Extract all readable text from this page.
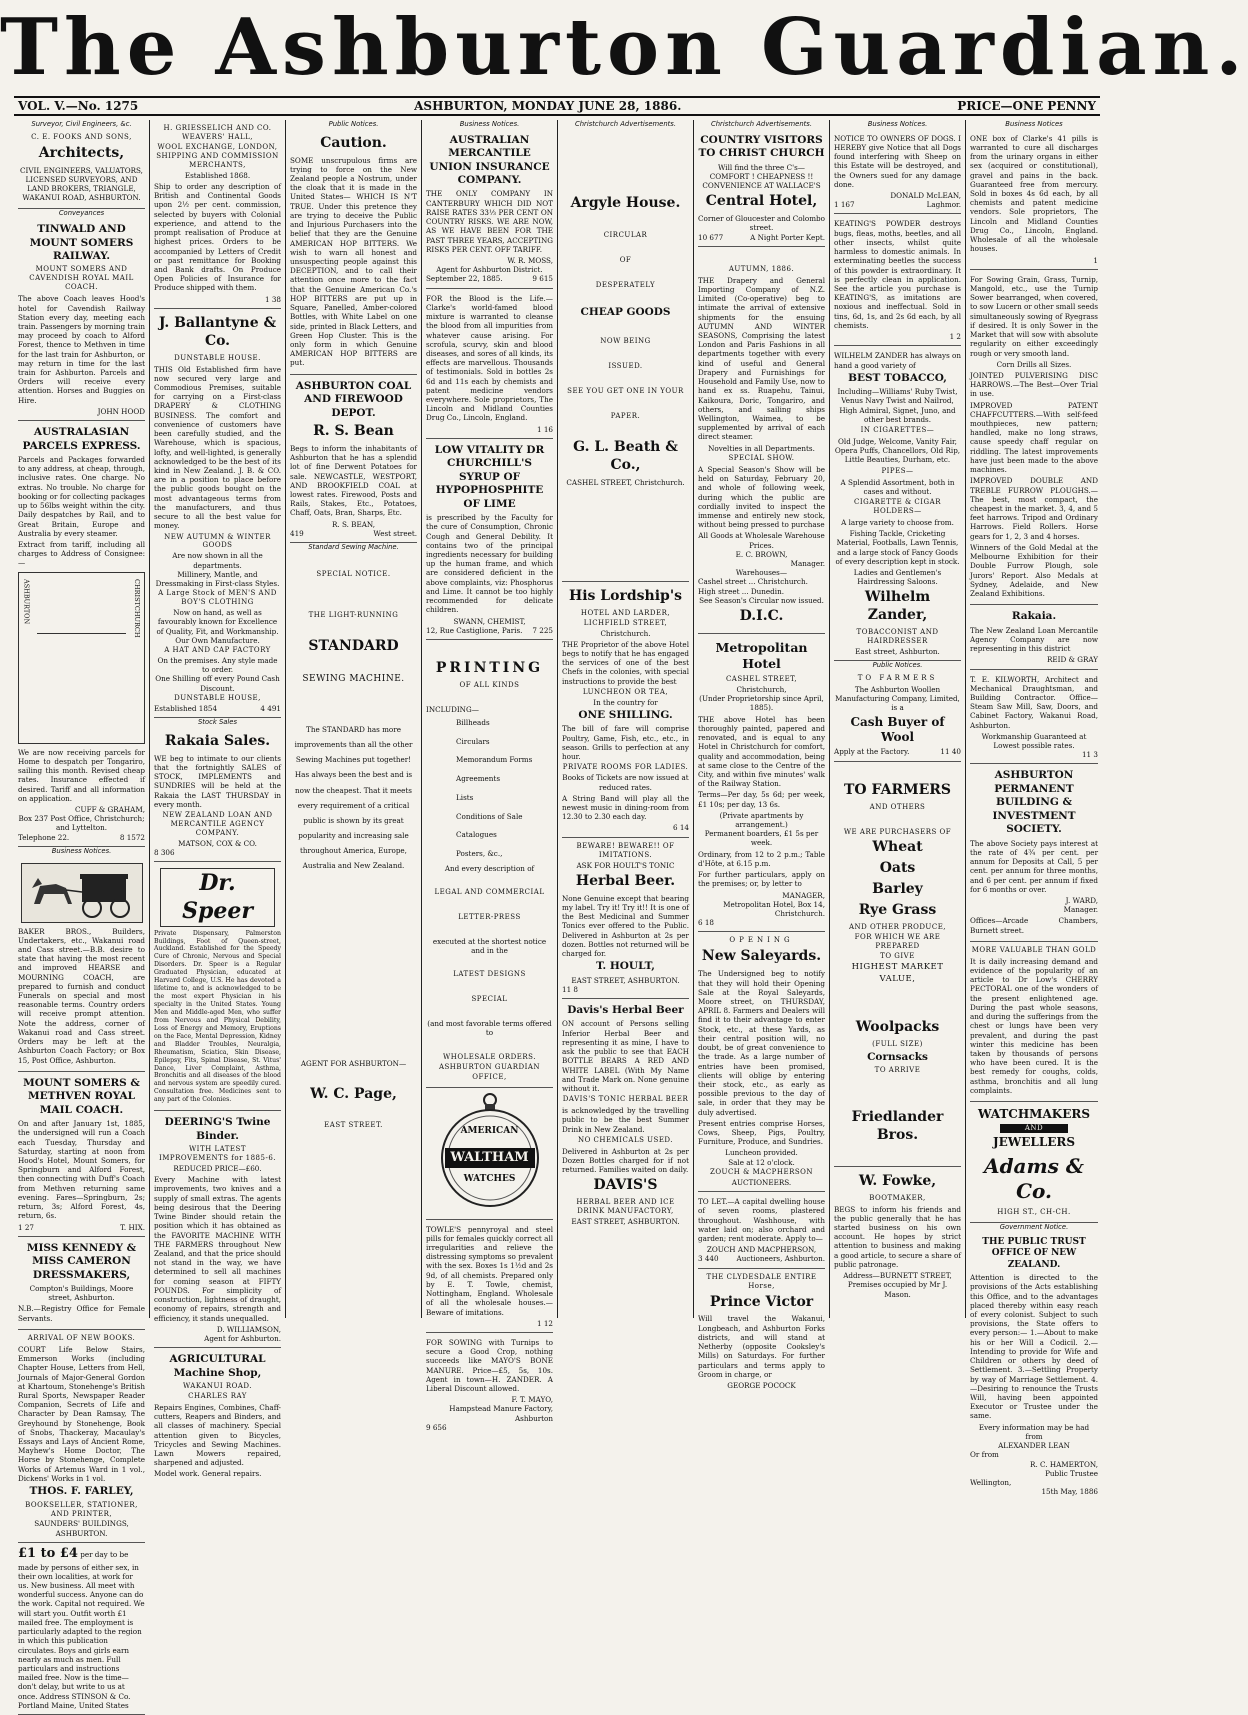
The Ashburton Guardian.
VOL. V.—No. 1275	ASHBURTON, MONDAY JUNE 28, 1886.	PRICE—ONE PENNY
Surveyor, Civil Engineers, &c.
C. E. FOOKS AND SONS,
Architects,
CIVIL ENGINEERS, VALUATORS, LICENSED SURVEYORS, AND LAND BROKERS, TRIANGLE, WAKANUI ROAD, ASHBURTON.
Conveyances
TINWALD AND MOUNT SOMERS RAILWAY.
MOUNT SOMERS AND CAVENDISH ROYAL MAIL COACH.
The above Coach leaves Hood's hotel for Cavendish Railway Station every day, meeting each train. Passengers by morning train may proceed by coach to Alford Forest, thence to Methven in time for the last train for Ashburton, or may return in time for the last train for Ashburton. Parcels and Orders will receive every attention. Horses and Buggies on Hire.
JOHN HOOD
AUSTRALASIAN PARCELS EXPRESS.
Parcels and Packages forwarded to any address, at cheap, through, inclusive rates. One charge. No extras. No trouble. No charge for booking or for collecting packages up to 56lbs weight within the city. Daily despatches by Rail, and to Great Britain, Europe and Australia by every steamer.
Extract from tariff, including all charges to Address of Consignee:—
ASHBURTON	CHRISTCHURCH
We are now receiving parcels for Home to despatch per Tongariro, sailing this month. Revised cheap rates. Insurance effected if desired. Tariff and all information on application.
CUFF & GRAHAM,
Box 237 Post Office, Christchurch; and Lyttelton.
Telephone 22.	8 1572
Business Notices.
BAKER BROS., Builders, Undertakers, etc., Wakanui road and Cass street.—B.B. desire to state that having the most recent and improved HEARSE and MOURNING COACH, are prepared to furnish and conduct Funerals on special and most reasonable terms. Country orders will receive prompt attention. Note the address, corner of Wakanui road and Cass street. Orders may be left at the Ashburton Coach Factory; or Box 15, Post Office, Ashburton.
MOUNT SOMERS & METHVEN ROYAL MAIL COACH.
On and after January 1st, 1885, the undersigned will run a Coach each Tuesday, Thursday and Saturday, starting at noon from Hood's Hotel, Mount Somers, for Springburn and Alford Forest, then connecting with Duff's Coach from Methven returning same evening. Fares—Springburn, 2s; return, 3s; Alford Forest, 4s, return, 6s.
1 27	T. HIX.
MISS KENNEDY & MISS CAMERON DRESSMAKERS,
Compton's Buildings, Moore street, Ashburton.
N.B.—Registry Office for Female Servants.
ARRIVAL OF NEW BOOKS.
COURT Life Below Stairs, Emmerson Works (including Chapter House, Letters from Hell, Journals of Major-General Gordon at Khartoum, Stonehenge's British Rural Sports, Newspaper Reader Companion, Secrets of Life and Character by Dean Ramsay, The Greyhound by Stonehenge, Book of Snobs, Thackeray, Macaulay's Essays and Lays of Ancient Rome, Mayhew's Home Doctor, The Horse by Stonehenge, Complete Works of Artemus Ward in 1 vol., Dickens' Works in 1 vol.
THOS. F. FARLEY,
BOOKSELLER, STATIONER, AND PRINTER,
SAUNDERS' BUILDINGS, ASHBURTON.
£1 to £4 per day to be made by persons of either sex, in their own localities, at work for us. New business. All meet with wonderful success. Anyone can do the work. Capital not required. We will start you. Outfit worth £1 mailed free. The employment is particularly adapted to the region in which this publication circulates. Boys and girls earn nearly as much as men. Full particulars and instructions mailed free. Now is the time—don't delay, but write to us at once. Address STINSON & Co. Portland Maine, United States
H. GRIESSELICH AND CO. WEAVERS' HALL,
WOOL EXCHANGE, LONDON, SHIPPING AND COMMISSION MERCHANTS,
Established 1868.
Ship to order any description of British and Continental Goods upon 2½ per cent. commission, selected by buyers with Colonial experience, and attend to the prompt realisation of Produce at highest prices. Orders to be accompanied by Letters of Credit or past remittance for Booking and Bank drafts. On Produce Open Policies of Insurance for Produce shipped with them.
1 38
J. Ballantyne & Co.
DUNSTABLE HOUSE.
THIS Old Established firm have now secured very large and Commodious Premises, suitable for carrying on a First-class DRAPERY & CLOTHING BUSINESS. The comfort and convenience of customers have been carefully studied, and the Warehouse, which is spacious, lofty, and well-lighted, is generally acknowledged to be the best of its kind in New Zealand. J. B. & CO. are in a position to place before the public goods bought on the most advantageous terms from the manufacturers, and thus secure to all the best value for money.
NEW AUTUMN & WINTER GOODS
Are now shown in all the departments.
Millinery, Mantle, and Dressmaking in First-class Styles.
A Large Stock of MEN'S AND BOY'S CLOTHING
Now on hand, as well as favourably known for Excellence of Quality, Fit, and Workmanship. Our Own Manufacture.
A HAT AND CAP FACTORY
On the premises. Any style made to order.
One Shilling off every Pound Cash Discount.
DUNSTABLE HOUSE,
Established 1854	4 491
Stock Sales
Rakaia Sales.
WE beg to intimate to our clients that the fortnightly SALES of STOCK, IMPLEMENTS and SUNDRIES will be held at the Rakaia the LAST THURSDAY in every month.
NEW ZEALAND LOAN AND MERCANTILE AGENCY COMPANY.
MATSON, COX & CO.
8 306
Dr. Speer
Private Dispensary, Palmerston Buildings, Foot of Queen-street, Auckland. Established for the Speedy Cure of Chronic, Nervous and Special Disorders. Dr. Speer is a Regular Graduated Physician, educated at Harvard College, U.S. He has devoted a lifetime to, and is acknowledged to be the most expert Physician in his specialty in the United States. Young Men and Middle-aged Men, who suffer from Nervous and Physical Debility, Loss of Energy and Memory, Eruptions on the Face, Mental Depression, Kidney and Bladder Troubles, Neuralgia, Rheumatism, Sciatica, Skin Disease, Epilepsy, Fits, Spinal Disease, St. Vitus' Dance, Liver Complaint, Asthma, Bronchitis and all diseases of the blood and nervous system are speedily cured. Consultation free. Medicines sent to any part of the Colonies.
DEERING'S Twine Binder.
WITH LATEST IMPROVEMENTS for 1885-6.
REDUCED PRICE—£60.
Every Machine with latest improvements, two knives and a supply of small extras. The agents being desirous that the Deering Twine Binder should retain the position which it has obtained as the FAVORITE MACHINE WITH THE FARMERS throughout New Zealand, and that the price should not stand in the way, we have determined to sell all machines for coming season at FIFTY POUNDS. For simplicity of construction, lightness of draught, economy of repairs, strength and efficiency, it stands unequalled.
D. WILLIAMSON,
Agent for Ashburton.
AGRICULTURAL Machine Shop,
WAKANUI ROAD.
CHARLES RAY
Repairs Engines, Combines, Chaff-cutters, Reapers and Binders, and all classes of machinery. Special attention given to Bicycles, Tricycles and Sewing Machines. Lawn Mowers repaired, sharpened and adjusted.
Model work. General repairs.
Public Notices.
Caution.
SOME unscrupulous firms are trying to force on the New Zealand people a Nostrum, under the cloak that it is made in the United States— WHICH IS N'T TRUE. Under this pretence they are trying to deceive the Public and Injurious Purchasers into the belief that they are the Genuine AMERICAN HOP BITTERS. We wish to warn all honest and unsuspecting people against this DECEPTION, and to call their attention once more to the fact that the Genuine American Co.'s HOP BITTERS are put up in Square, Panelled, Amber-colored Bottles, with White Label on one side, printed in Black Letters, and Green Hop Cluster. This is the only form in which Genuine AMERICAN HOP BITTERS are put.
ASHBURTON COAL AND FIREWOOD DEPOT.
R. S. Bean
Begs to inform the inhabitants of Ashburton that he has a splendid lot of fine Derwent Potatoes for sale. NEWCASTLE, WESTPORT, AND BROOKFIELD COAL at lowest rates. Firewood, Posts and Rails, Stakes, Etc., Potatoes, Chaff, Oats, Bran, Sharps, Etc.
R. S. BEAN,
419	West street.
Standard Sewing Machine.
SPECIAL NOTICE.
THE LIGHT-RUNNING
STANDARD
SEWING MACHINE.
The STANDARD has more improvements than all the other Sewing Machines put together! Has always been the best and is now the cheapest. That it meets every requirement of a critical public is shown by its great popularity and increasing sale throughout America, Europe, Australia and New Zealand.
AGENT FOR ASHBURTON—
W. C. Page,
EAST STREET.
Business Notices.
AUSTRALIAN MERCANTILE UNION INSURANCE COMPANY.
THE ONLY COMPANY IN CANTERBURY WHICH DID NOT RAISE RATES 33⅓ PER CENT ON COUNTRY RISKS. WE ARE NOW, AS WE HAVE BEEN FOR THE PAST THREE YEARS, ACCEPTING RISKS PER CENT. OFF TARIFF.
W. R. MOSS,
Agent for Ashburton District.
September 22, 1885.	9 615
FOR the Blood is the Life.—Clarke's world-famed blood mixture is warranted to cleanse the blood from all impurities from whatever cause arising. For scrofula, scurvy, skin and blood diseases, and sores of all kinds, its effects are marvellous. Thousands of testimonials. Sold in bottles 2s 6d and 11s each by chemists and patent medicine vendors everywhere. Sole proprietors, The Lincoln and Midland Counties Drug Co., Lincoln, England.
1 16
LOW VITALITY DR CHURCHILL'S SYRUP OF HYPOPHOSPHITE OF LIME
is prescribed by the Faculty for the cure of Consumption, Chronic Cough and General Debility. It contains two of the principal ingredients necessary for building up the human frame, and which are considered deficient in the above complaints, viz: Phosphorus and Lime. It cannot be too highly recommended for delicate children.
SWANN, CHEMIST,
12, Rue Castiglione, Paris. 7 225
PRINTING
OF ALL KINDS
INCLUDING—
Billheads
Circulars
Memorandum Forms
Agreements
Lists
Conditions of Sale
Catalogues
Posters, &c.,
And every description of
LEGAL AND COMMERCIAL
LETTER-PRESS
executed at the shortest notice and in the
LATEST DESIGNS
SPECIAL
(and most favorable terms offered to
WHOLESALE ORDERS.
ASHBURTON GUARDIAN
OFFICE,
AMERICAN
WALTHAM
WATCHES
TOWLE'S pennyroyal and steel pills for females quickly correct all irregularities and relieve the distressing symptoms so prevalent with the sex. Boxes 1s 1½d and 2s 9d, of all chemists. Prepared only by E. T. Towle, chemist, Nottingham, England. Wholesale of all the wholesale houses.—Beware of imitations.
1 12
FOR SOWING with Turnips to secure a Good Crop, nothing succeeds like MAYO'S BONE MANURE. Price—£5, 5s, 10s. Agent in town—H. ZANDER. A Liberal Discount allowed.
F. T. MAYO,
Hampstead Manure Factory, Ashburton
9 656
Christchurch Advertisements.
Argyle House.
CIRCULAR
OF
DESPERATELY
CHEAP GOODS
NOW BEING
ISSUED.
SEE YOU GET ONE IN YOUR
PAPER.
G. L. Beath & Co.,
CASHEL STREET, Christchurch.
His Lordship's
HOTEL AND LARDER,
LICHFIELD STREET,
Christchurch.
THE Proprietor of the above Hotel begs to notify that he has engaged the services of one of the best Chefs in the colonies, with special instructions to provide the best
LUNCHEON OR TEA,
In the country for
ONE SHILLING.
The bill of fare will comprise Poultry, Game, Fish, etc., etc., in season. Grills to perfection at any hour.
PRIVATE ROOMS FOR LADIES.
Books of Tickets are now issued at reduced rates.
A String Band will play all the newest music in dining-room from 12.30 to 2.30 each day.
6 14
BEWARE! BEWARE!! OF IMITATIONS.
ASK FOR HOULT'S TONIC
Herbal Beer.
None Genuine except that bearing my label. Try it! Try it!! It is one of the Best Medicinal and Summer Tonics ever offered to the Public. Delivered in Ashburton at 2s per dozen. Bottles not returned will be charged for.
T. HOULT,
EAST STREET, ASHBURTON.
11 8
Davis's Herbal Beer
ON account of Persons selling Inferior Herbal Beer and representing it as mine, I have to ask the public to see that EACH BOTTLE BEARS A RED AND WHITE LABEL (With My Name and Trade Mark on. None genuine without it.
DAVIS'S TONIC HERBAL BEER
is acknowledged by the travelling public to be the best Summer Drink in New Zealand.
NO CHEMICALS USED.
Delivered in Ashburton at 2s per Dozen Bottles charged for if not returned. Families waited on daily.
DAVIS'S
HERBAL BEER AND ICE DRINK MANUFACTORY,
EAST STREET, ASHBURTON.
Christchurch Advertisements.
COUNTRY VISITORS TO CHRIST CHURCH
Will find the three C's— COMFORT ! CHEAPNESS !! CONVENIENCE AT WALLACE'S
Central Hotel,
Corner of Gloucester and Colombo street.
10 677	A Night Porter Kept.
AUTUMN, 1886.
THE Drapery and General Importing Company of N.Z. Limited (Co-operative) beg to intimate the arrival of extensive shipments for the ensuing AUTUMN AND WINTER SEASONS, Comprising the latest London and Paris Fashions in all departments together with every kind of useful and General Drapery and Furnishings for Household and Family Use, now to hand ex ss. Ruapehu, Tainui, Kaikoura, Doric, Tongariro, and others, and sailing ships Wellington, Waimea, to be supplemented by arrival of each direct steamer.
Novelties in all Departments.
SPECIAL SHOW.
A Special Season's Show will be held on Saturday, February 20, and whole of following week, during which the public are cordially invited to inspect the immense and entirely new stock, without being pressed to purchase
All Goods at Wholesale Warehouse Prices.
E. C. BROWN,
Manager.
Warehouses—
Cashel street ... Christchurch.
High street ... Dunedin.
See Season's Circular now issued.
D.I.C.
Metropolitan Hotel
CASHEL STREET,
Christchurch,
(Under Proprietorship since April, 1885).
THE above Hotel has been thoroughly painted, papered and renovated, and is equal to any Hotel in Christchurch for comfort, quality and accommodation, being at same close to the Centre of the City, and within five minutes' walk of the Railway Station.
Terms—Per day, 5s 6d; per week, £1 10s; per day, 13 6s.
(Private apartments by arrangement.)
Permanent boarders, £1 5s per week.
Ordinary, from 12 to 2 p.m.; Table d'Hôte, at 6.15 p.m.
For further particulars, apply on the premises; or, by letter to
MANAGER,
Metropolitan Hotel, Box 14,
Christchurch.
6 18
OPENING
New Saleyards.
The Undersigned beg to notify that they will hold their Opening Sale at the Royal Saleyards, Moore street, on THURSDAY, APRIL 8. Farmers and Dealers will find it to their advantage to enter Stock, etc., at these Yards, as their central position will, no doubt, be of great convenience to the trade. As a large number of entries have been promised, clients will oblige by entering their stock, etc., as early as possible previous to the day of sale, in order that they may be duly advertised.
Present entries comprise Horses, Cows, Sheep, Pigs, Poultry, Furniture, Produce, and Sundries.
Luncheon provided.
Sale at 12 o'clock.
ZOUCH & MACPHERSON
AUCTIONEERS.
TO LET.—A capital dwelling house of seven rooms, plastered throughout. Washhouse, with water laid on; also orchard and garden; rent moderate. Apply to—
ZOUCH AND MACPHERSON,
3 440 Auctioneers, Ashburton.
THE CLYDESDALE ENTIRE Horse,
Prince Victor
Will travel the Wakanui, Longbeach, and Ashburton Forks districts, and will stand at Netherby (opposite Cooksley's Mills) on Saturdays. For further particulars and terms apply to Groom in charge, or
GEORGE POCOCK
Business Notices.
NOTICE TO OWNERS OF DOGS. I HEREBY give Notice that all Dogs found interfering with Sheep on this Estate will be destroyed, and the Owners sued for any damage done.
DONALD McLEAN,
1 167	Laghmor.
KEATING'S POWDER destroys bugs, fleas, moths, beetles, and all other insects, whilst quite harmless to domestic animals. In exterminating beetles the success of this powder is extraordinary. It is perfectly clean in application. See the article you purchase is KEATING'S, as imitations are noxious and ineffectual. Sold in tins, 6d, 1s, and 2s 6d each, by all chemists.
1 2
WILHELM ZANDER has always on hand a good variety of
BEST TOBACCO,
Including—Williams' Ruby Twist, Venus Navy Twist and Nailrod, High Admiral, Signet, Juno, and other best brands.
IN CIGARETTES—
Old Judge, Welcome, Vanity Fair, Opera Puffs, Chancellors, Old Rip, Little Beauties, Durham, etc.
PIPES—
A Splendid Assortment, both in cases and without.
CIGARETTE & CIGAR HOLDERS—
A large variety to choose from.
Fishing Tackle, Cricketing Material, Footballs, Lawn Tennis, and a large stock of Fancy Goods of every description kept in stock.
Ladies and Gentlemen's Hairdressing Saloons.
Wilhelm Zander,
TOBACCONIST AND HAIRDRESSER
East street, Ashburton.
Public Notices.
TO FARMERS
The Ashburton Woollen Manufacturing Company, Limited, is a
Cash Buyer of Wool
Apply at the Factory.	11 40
TO FARMERS
AND OTHERS
WE ARE PURCHASERS OF
Wheat
Oats
Barley
Rye Grass
AND OTHER PRODUCE,
FOR WHICH WE ARE PREPARED
TO GIVE
HIGHEST MARKET
VALUE,
Woolpacks
(FULL SIZE)
Cornsacks
TO ARRIVE
Friedlander Bros.
W. Fowke,
BOOTMAKER,
BEGS to inform his friends and the public generally that he has started business on his own account. He hopes by strict attention to business and making a good article, to secure a share of public patronage.
Address—BURNETT STREET,
Premises occupied by Mr J. Mason.
Business Notices
ONE box of Clarke's 41 pills is warranted to cure all discharges from the urinary organs in either sex (acquired or constitutional), gravel and pains in the back. Guaranteed free from mercury. Sold in boxes 4s 6d each, by all chemists and patent medicine vendors. Sole proprietors, The Lincoln and Midland Counties Drug Co., Lincoln, England. Wholesale of all the wholesale houses.
1
For Sowing Grain, Grass, Turnip, Mangold, etc., use the Turnip Sower bearranged, when covered, to sow Lucern or other small seeds simultaneously sowing of Ryegrass if desired. It is only Sower in the Market that will sow with absolute regularity on either exceedingly rough or very smooth land.
Corn Drills all Sizes.
JOINTED PULVERISING DISC HARROWS.—The Best—Over Trial in use.
IMPROVED PATENT CHAFFCUTTERS.—With self-feed mouthpieces, new pattern; handled, make no long straws, cause speedy chaff regular on riddling. The latest improvements have just been made to the above machines.
IMPROVED DOUBLE AND TREBLE FURROW PLOUGHS.—The best, most compact, the cheapest in the market. 3, 4, and 5 feet harrows. Tripod and Ordinary Harrows. Field Rollers. Horse gears for 1, 2, 3 and 4 horses.
Winners of the Gold Medal at the Melbourne Exhibition for their Double Furrow Plough, sole Jurors' Report. Also Medals at Sydney, Adelaide, and New Zealand Exhibitions.
Rakaia.
The New Zealand Loan Mercantile Agency Company are now representing in this district
REID & GRAY
T. E. KILWORTH, Architect and Mechanical Draughtsman, and Building Contractor. Office—Steam Saw Mill, Saw, Doors, and Cabinet Factory, Wakanui Road, Ashburton.
Workmanship Guaranteed at Lowest possible rates.
11 3
ASHBURTON PERMANENT BUILDING & INVESTMENT SOCIETY.
The above Society pays interest at the rate of 4¾ per cent. per annum for Deposits at Call, 5 per cent. per annum for three months, and 6 per cent. per annum if fixed for 6 months or over.
J. WARD,
Manager.
Offices—Arcade Chambers, Burnett street.
MORE VALUABLE THAN GOLD
It is daily increasing demand and evidence of the popularity of an article to Dr Low's CHERRY PECTORAL one of the wonders of the present enlightened age. During the past whole seasons, and during the sufferings from the chest or lungs have been very prevalent, and during the past winter this medicine has been taken by thousands of persons who have been cured. It is the best remedy for coughs, colds, asthma, bronchitis and all lung complaints.
WATCHMAKERS
AND
JEWELLERS
Adams & Co.
HIGH ST., CH-CH.
Government Notice.
THE PUBLIC TRUST OFFICE OF NEW ZEALAND.
Attention is directed to the provisions of the Acts establishing this Office, and to the advantages placed thereby within easy reach of every colonist. Subject to such provisions, the State offers to every person:— 1.—About to make his or her Will a Codicil. 2.—Intending to provide for Wife and Children or others by deed of Settlement. 3.—Settling Property by way of Marriage Settlement. 4.—Desiring to renounce the Trusts Will, having been appointed Executor or Trustee under the same.
Every information may be had from
ALEXANDER LEAN
Or from
R. C. HAMERTON,
Public Trustee
Wellington,
15th May, 1886
